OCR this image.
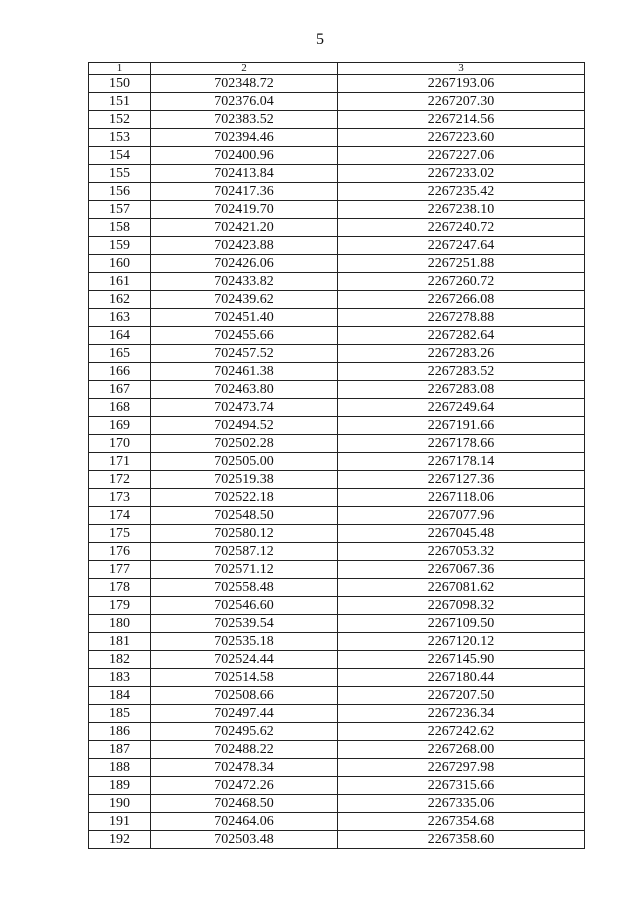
5
1	2	3
150	702348.72	2267193.06
151	702376.04	2267207.30
152	702383.52	2267214.56
153	702394.46	2267223.60
154	702400.96	2267227.06
155	702413.84	2267233.02
156	702417.36	2267235.42
157	702419.70	2267238.10
158	702421.20	2267240.72
159	702423.88	2267247.64
160	702426.06	2267251.88
161	702433.82	2267260.72
162	702439.62	2267266.08
163	702451.40	2267278.88
164	702455.66	2267282.64
165	702457.52	2267283.26
166	702461.38	2267283.52
167	702463.80	2267283.08
168	702473.74	2267249.64
169	702494.52	2267191.66
170	702502.28	2267178.66
171	702505.00	2267178.14
172	702519.38	2267127.36
173	702522.18	2267118.06
174	702548.50	2267077.96
175	702580.12	2267045.48
176	702587.12	2267053.32
177	702571.12	2267067.36
178	702558.48	2267081.62
179	702546.60	2267098.32
180	702539.54	2267109.50
181	702535.18	2267120.12
182	702524.44	2267145.90
183	702514.58	2267180.44
184	702508.66	2267207.50
185	702497.44	2267236.34
186	702495.62	2267242.62
187	702488.22	2267268.00
188	702478.34	2267297.98
189	702472.26	2267315.66
190	702468.50	2267335.06
191	702464.06	2267354.68
192	702503.48	2267358.60
